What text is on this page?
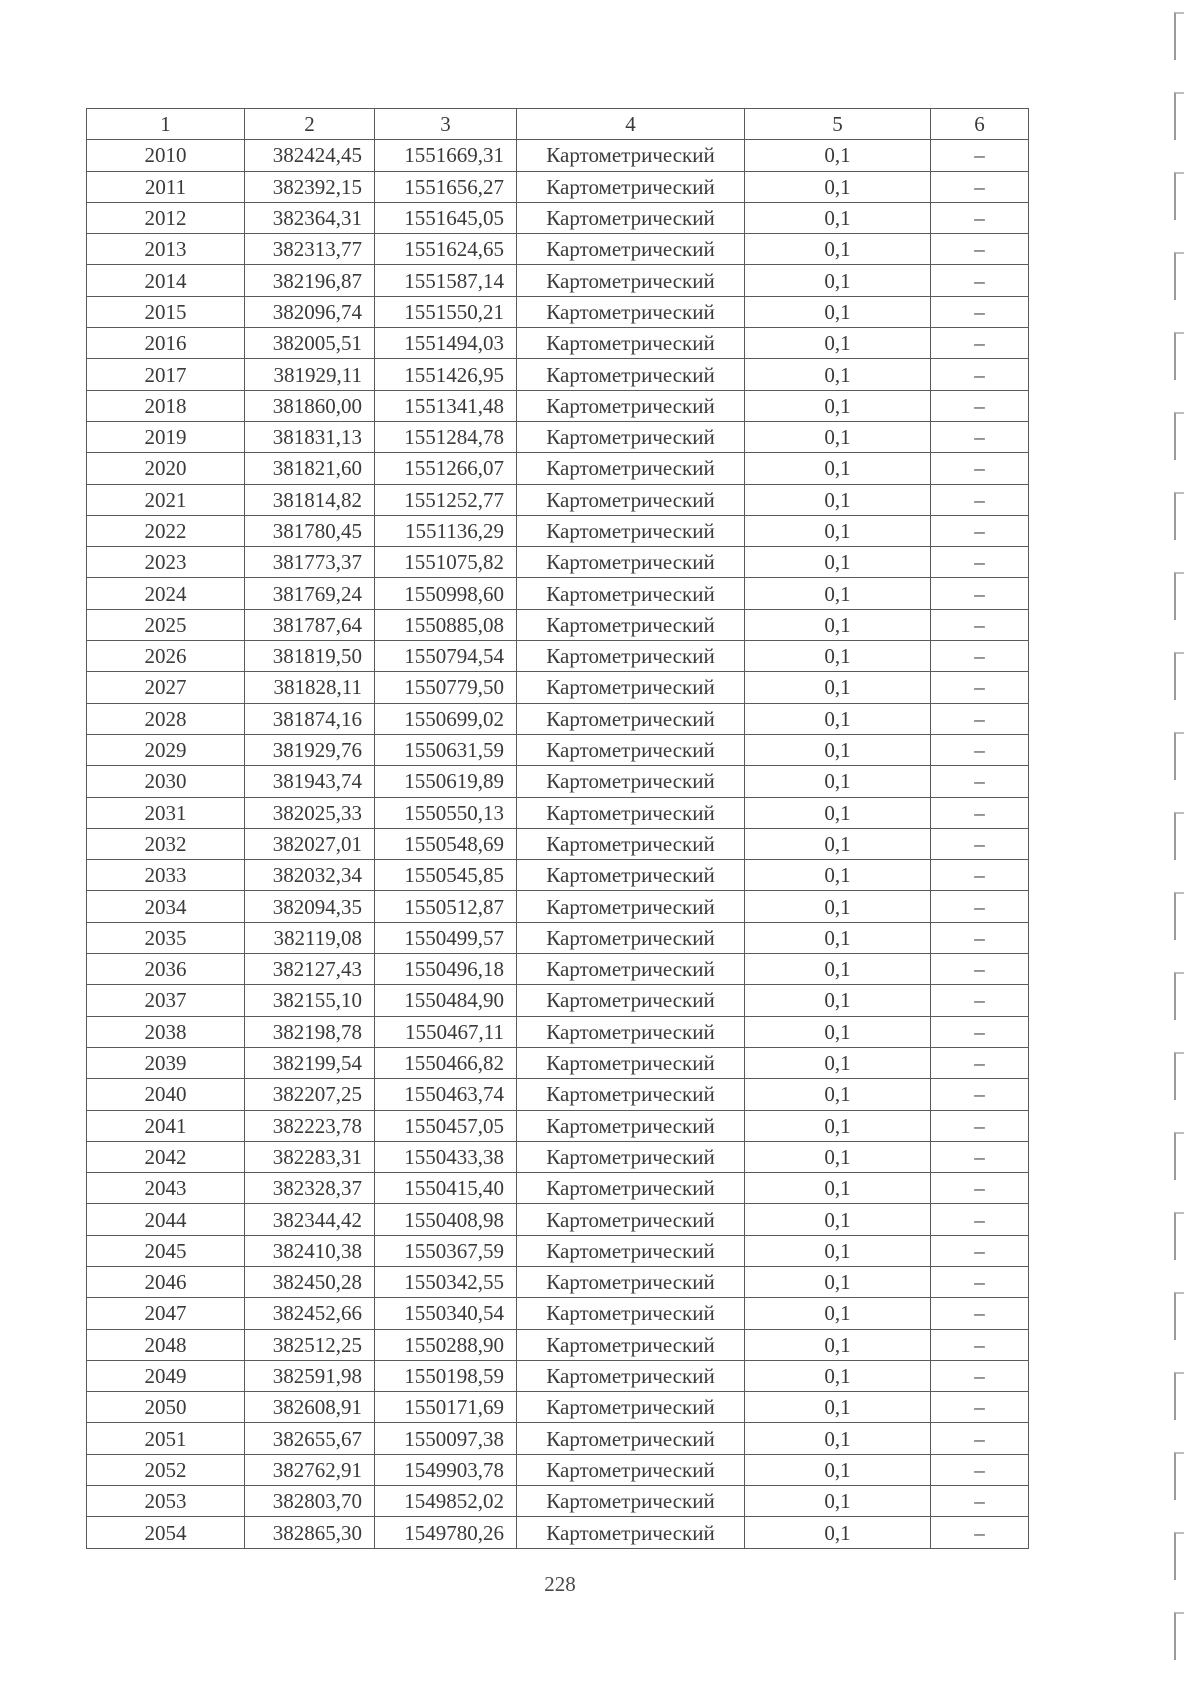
1	2	3	4	5	6
2010	382424,45	1551669,31	Картометрический	0,1	–
2011	382392,15	1551656,27	Картометрический	0,1	–
2012	382364,31	1551645,05	Картометрический	0,1	–
2013	382313,77	1551624,65	Картометрический	0,1	–
2014	382196,87	1551587,14	Картометрический	0,1	–
2015	382096,74	1551550,21	Картометрический	0,1	–
2016	382005,51	1551494,03	Картометрический	0,1	–
2017	381929,11	1551426,95	Картометрический	0,1	–
2018	381860,00	1551341,48	Картометрический	0,1	–
2019	381831,13	1551284,78	Картометрический	0,1	–
2020	381821,60	1551266,07	Картометрический	0,1	–
2021	381814,82	1551252,77	Картометрический	0,1	–
2022	381780,45	1551136,29	Картометрический	0,1	–
2023	381773,37	1551075,82	Картометрический	0,1	–
2024	381769,24	1550998,60	Картометрический	0,1	–
2025	381787,64	1550885,08	Картометрический	0,1	–
2026	381819,50	1550794,54	Картометрический	0,1	–
2027	381828,11	1550779,50	Картометрический	0,1	–
2028	381874,16	1550699,02	Картометрический	0,1	–
2029	381929,76	1550631,59	Картометрический	0,1	–
2030	381943,74	1550619,89	Картометрический	0,1	–
2031	382025,33	1550550,13	Картометрический	0,1	–
2032	382027,01	1550548,69	Картометрический	0,1	–
2033	382032,34	1550545,85	Картометрический	0,1	–
2034	382094,35	1550512,87	Картометрический	0,1	–
2035	382119,08	1550499,57	Картометрический	0,1	–
2036	382127,43	1550496,18	Картометрический	0,1	–
2037	382155,10	1550484,90	Картометрический	0,1	–
2038	382198,78	1550467,11	Картометрический	0,1	–
2039	382199,54	1550466,82	Картометрический	0,1	–
2040	382207,25	1550463,74	Картометрический	0,1	–
2041	382223,78	1550457,05	Картометрический	0,1	–
2042	382283,31	1550433,38	Картометрический	0,1	–
2043	382328,37	1550415,40	Картометрический	0,1	–
2044	382344,42	1550408,98	Картометрический	0,1	–
2045	382410,38	1550367,59	Картометрический	0,1	–
2046	382450,28	1550342,55	Картометрический	0,1	–
2047	382452,66	1550340,54	Картометрический	0,1	–
2048	382512,25	1550288,90	Картометрический	0,1	–
2049	382591,98	1550198,59	Картометрический	0,1	–
2050	382608,91	1550171,69	Картометрический	0,1	–
2051	382655,67	1550097,38	Картометрический	0,1	–
2052	382762,91	1549903,78	Картометрический	0,1	–
2053	382803,70	1549852,02	Картометрический	0,1	–
2054	382865,30	1549780,26	Картометрический	0,1	–
228
